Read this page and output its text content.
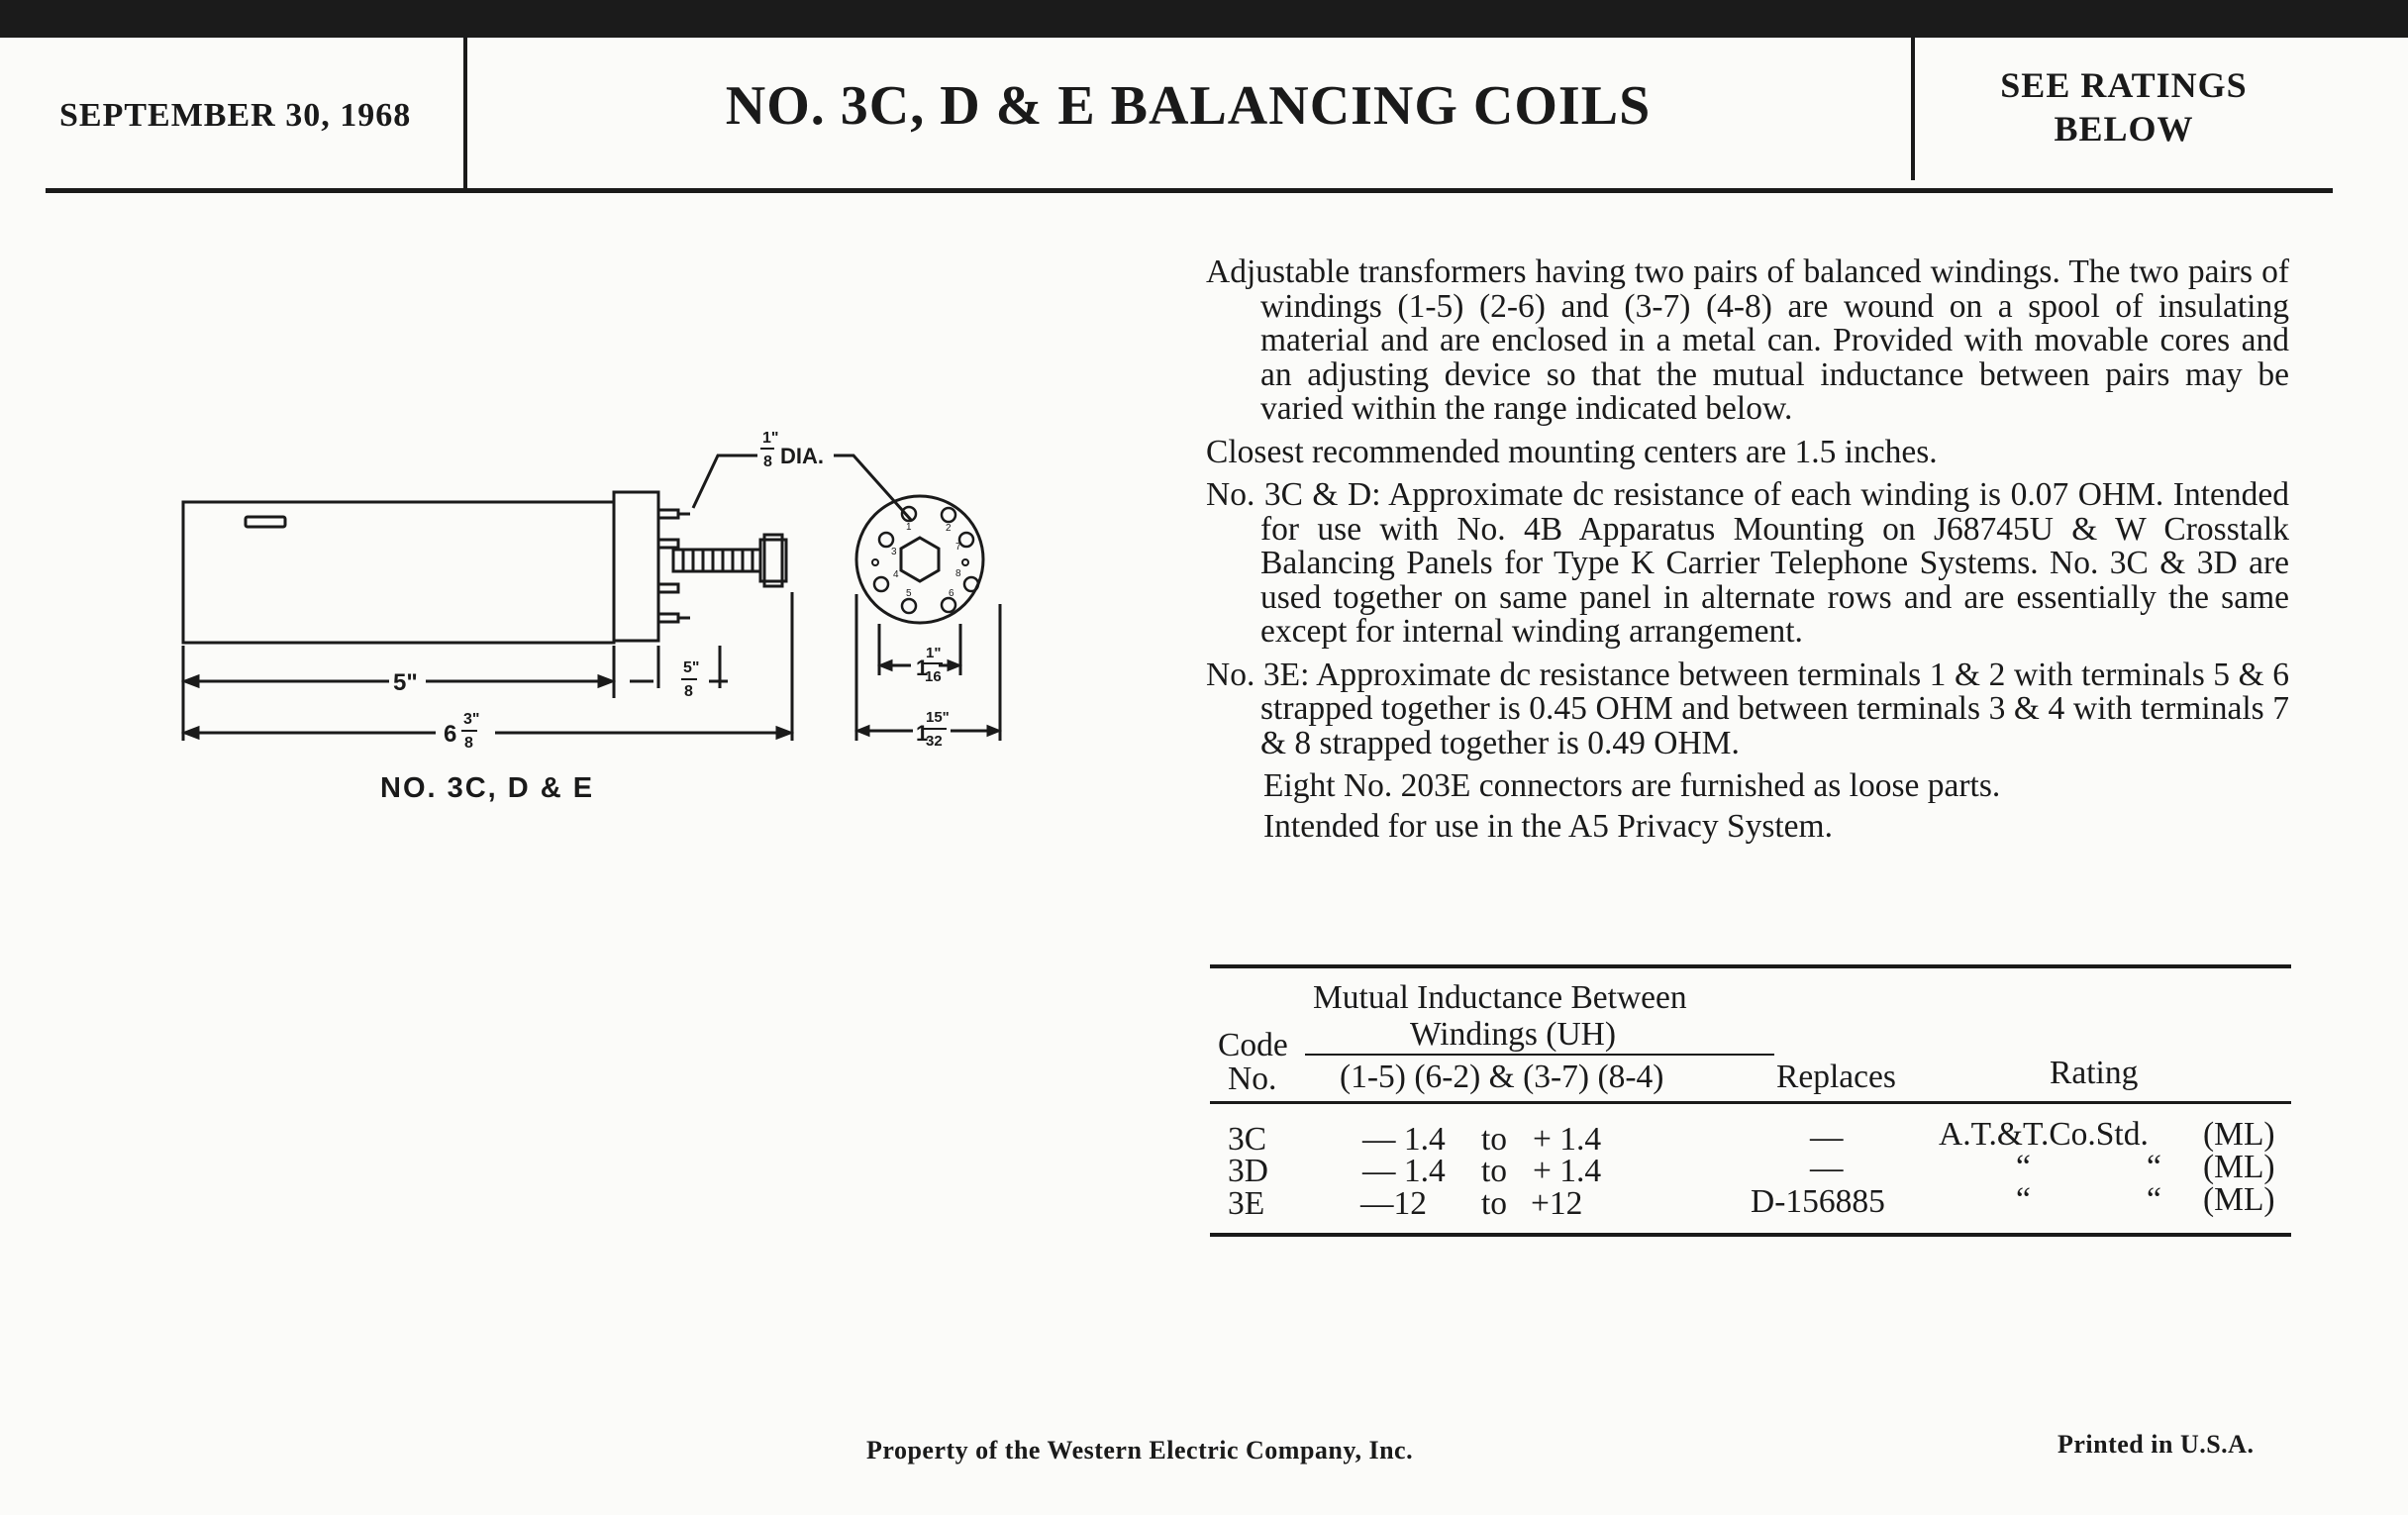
SEPTEMBER 30, 1968	NO. 3C, D & E BALANCING COILS	SEE RATINGS
BELOW
1"
8 DIA.
5"
5"
8
6
3"
8
1
1"
16
1
15"
32
1	2
3
4
5	6
7
8
NO. 3C, D & E

Adjustable transformers having two pairs of balanced windings. The two pairs of windings (1-5) (2-6) and (3-7) (4-8) are wound on a spool of insulating material and are enclosed in a metal can. Provided with movable cores and an adjusting device so that the mutual inductance between pairs may be varied within the range indicated below.

Closest recommended mounting centers are 1.5 inches.

No. 3C & D: Approximate dc resistance of each winding is 0.07 OHM. Intended for use with No. 4B Apparatus Mounting on J68745U & W Crosstalk Balancing Panels for Type K Carrier Telephone Systems. No. 3C & 3D are used together on same panel in alternate rows and are essentially the same except for internal winding arrangement.

No. 3E: Approximate dc resistance between terminals 1 & 2 with terminals 5 & 6 strapped together is 0.45 OHM and between terminals 3 & 4 with terminals 7 & 8 strapped together is 0.49 OHM.

Eight No. 203E connectors are furnished as loose parts.

Intended for use in the A5 Privacy System.

Mutual Inductance Between
Windings (UH)
Code
No. (1-5) (6-2) & (3-7) (8-4)	Replaces	Rating
3C	— 1.4 to + 1.4	—	A.T.&T.Co.Std. (ML)
3D	— 1.4 to + 1.4	—	“	“ (ML)
3E	—12 to +12	D-156885	“	“ (ML)
Property of the Western Electric Company, Inc.	Printed in U.S.A.
